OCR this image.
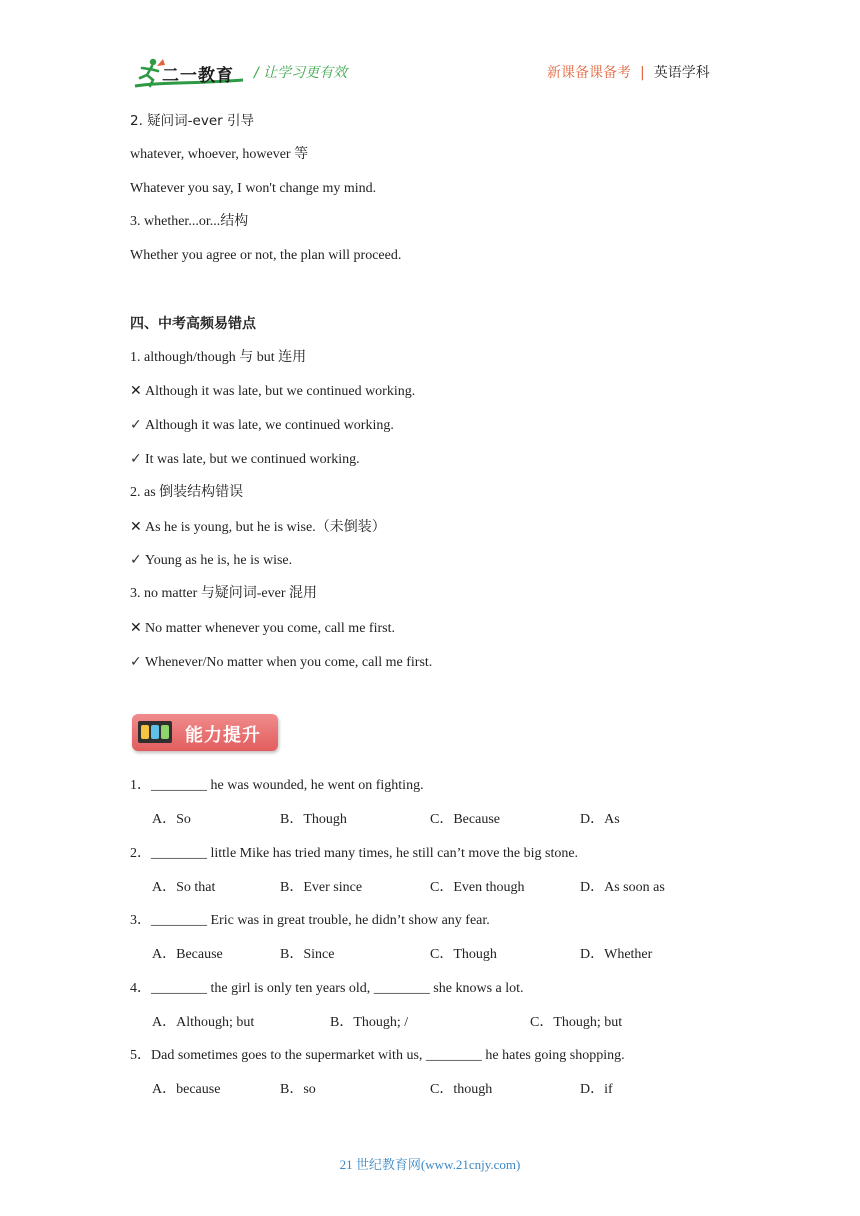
二一教育 / 让学习更有效	新课备课备考 | 英语学科
2. 疑问词-ever 引导
whatever, whoever, however 等
Whatever you say, I won't change my mind.
3. whether...or...结构
Whether you agree or not, the plan will proceed.
四、中考高频易错点
1. although/though 与 but 连用
✕ Although it was late, but we continued working.
✓ Although it was late, we continued working.
✓ It was late, but we continued working.
2. as 倒装结构错误
✕ As he is young, but he is wise.（未倒装）
✓ Young as he is, he is wise.
3. no matter 与疑问词-ever 混用
✕ No matter whenever you come, call me first.
✓ Whenever/No matter when you come, call me first.
能力提升
1．________ he was wounded, he went on fighting.
A．So	B．Though	C．Because	D．As
2．________ little Mike has tried many times, he still can’t move the big stone.
A．So that	B．Ever since	C．Even though	D．As soon as
3．________ Eric was in great trouble, he didn’t show any fear.
A．Because	B．Since	C．Though	D．Whether
4．________ the girl is only ten years old, ________ she knows a lot.
A．Although; but	B．Though; /	C．Though; but
5．Dad sometimes goes to the supermarket with us, ________ he hates going shopping.
A．because	B．so	C．though	D．if
21 世纪教育网(www.21cnjy.com)
